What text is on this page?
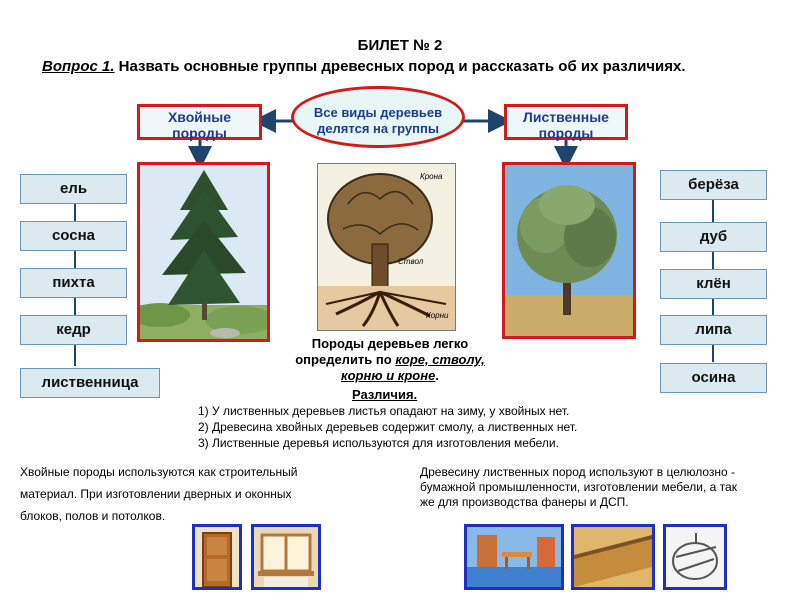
БИЛЕТ № 2
Вопрос 1. Назвать основные группы древесных пород и рассказать об их различиях.
Хвойные породы
Все виды деревьев делятся на группы
Лиственные породы
ель
сосна
пихта
кедр
лиственница
берёза
дуб
клён
липа
осина
Крона
Ствол
Корни
Породы деревьев легко
определить по коре, стволу,
корню и кроне.
Различия.
1) У лиственных деревьев листья опадают на зиму, у хвойных нет.
2) Древесина хвойных деревьев содержит смолу, а лиственных нет.
3) Лиственные деревья используются для изготовления мебели.
Хвойные породы используются как строительный
материал. При изготовлении дверных и оконных
блоков, полов и потолков.
Древесину лиственных пород используют в целюлозно -
бумажной промышленности, изготовлении мебели, а так
же для производства фанеры и ДСП.
